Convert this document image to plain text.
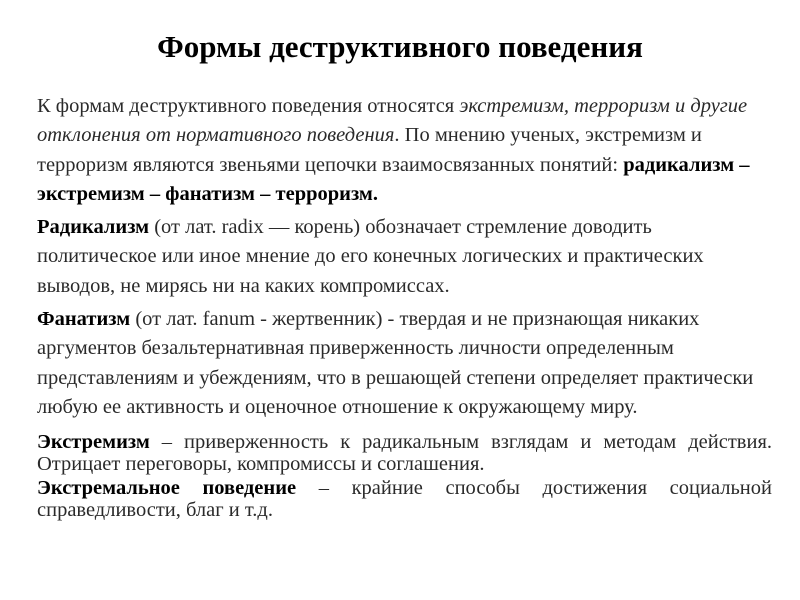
Формы деструктивного поведения

К формам деструктивного поведения относятся экстремизм, терроризм и другие отклонения от нормативного поведения. По мнению ученых, экстремизм и терроризм являются звеньями цепочки взаимосвязанных понятий: радикализм – экстремизм – фанатизм – терроризм.

Радикализм (от лат. radix — корень) обозначает стремление доводить политическое или иное мнение до его конечных логических и практических выводов, не мирясь ни на каких компромиссах.

Фанатизм (от лат. fanum - жертвенник) - твердая и не признающая никаких аргументов безальтернативная приверженность личности определенным представлениям и убеждениям, что в решающей степени определяет практически любую ее активность и оценочное отношение к окружающему миру.

Экстремизм – приверженность к радикальным взглядам и методам действия. Отрицает переговоры, компромиссы и соглашения.

Экстремальное поведение – крайние способы достижения социальной справедливости, благ и т.д.
